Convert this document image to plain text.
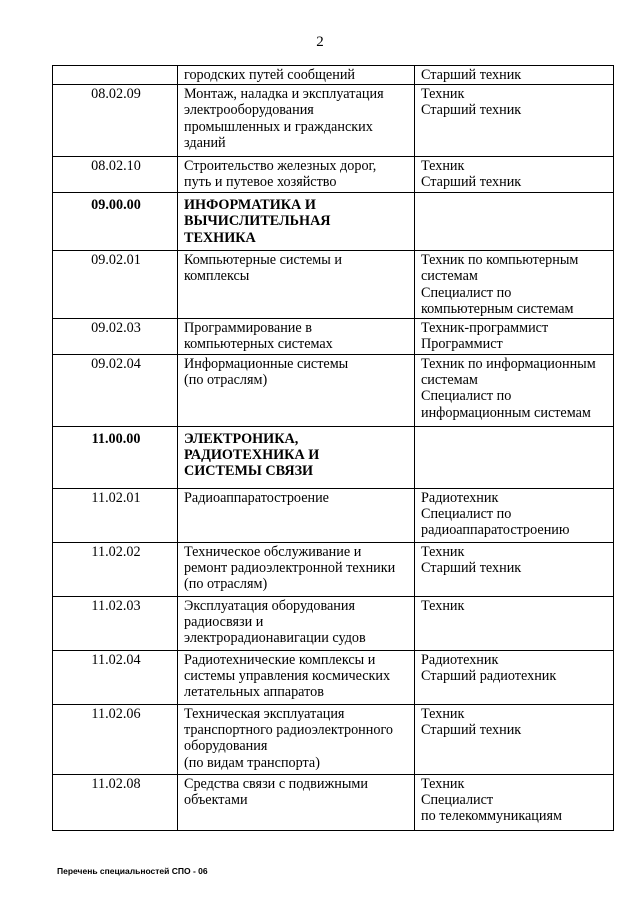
2

	городских путей сообщений	Старший техник

08.02.09	Монтаж, наладка и эксплуатация
электрооборудования
промышленных и гражданских
зданий	Техник
Старший техник

08.02.10	Строительство железных дорог,
путь и путевое хозяйство	Техник
Старший техник

09.00.00	ИНФОРМАТИКА И
ВЫЧИСЛИТЕЛЬНАЯ
ТЕХНИКА	

09.02.01	Компьютерные системы и
комплексы	Техник по компьютерным
системам
Специалист по
компьютерным системам

09.02.03	Программирование в
компьютерных системах	Техник-программист
Программист

09.02.04	Информационные системы
(по отраслям)	Техник по информационным
системам
Специалист по
информационным системам

11.00.00	ЭЛЕКТРОНИКА,
РАДИОТЕХНИКА И
СИСТЕМЫ СВЯЗИ	

11.02.01	Радиоаппаратостроение	Радиотехник
Специалист по
радиоаппаратостроению

11.02.02	Техническое обслуживание и
ремонт радиоэлектронной техники
(по отраслям)	Техник
Старший техник

11.02.03	Эксплуатация оборудования
радиосвязи и
электрорадионавигации судов	Техник

11.02.04	Радиотехнические комплексы и
системы управления космических
летательных аппаратов	Радиотехник
Старший радиотехник

11.02.06	Техническая эксплуатация
транспортного радиоэлектронного
оборудования
(по видам транспорта)	Техник
Старший техник

11.02.08	Средства связи с подвижными
объектами	Техник
Специалист
по телекоммуникациям
Перечень специальностей СПО - 06
